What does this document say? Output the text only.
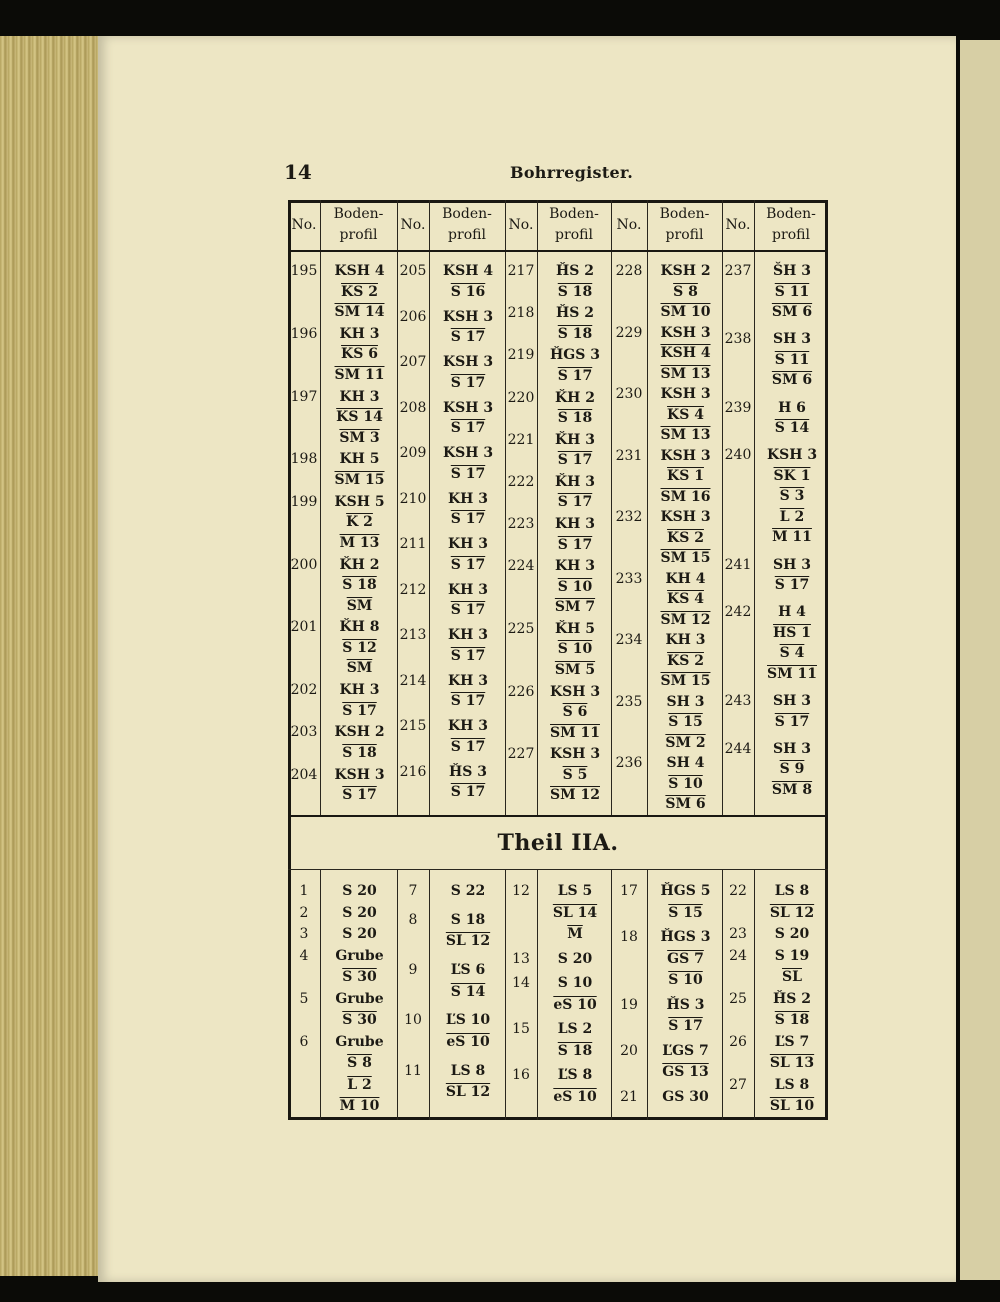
14	Bohrregister.
No.
Boden-
profil
No.
Boden-
profil
No.
Boden-
profil
No.
Boden-
profil
No.
Boden-
profil
Theil IIA.
195	KSH 4
KS 2
SM 14
196	KH 3
KS 6
SM 11
197	KH 3
KS 14
SM 3
198	KH 5
SM 15
199	KSH 5
K 2
M 13
200	ǨH 2
S 18
$\overline{SM}$
201	ǨH 8
S 12
$\overline{SM}$
202	KH 3
S 17
203	KSH 2
S 18
204	KSH 3
S 17
205	KSH 4
S 16
206	KSH 3
S 17
207	KSH 3
S 17
208	KSH 3
S 17
209	KSH 3
S 17
210	KH 3
S 17
211	KH 3
S 17
212	KH 3
S 17
213	KH 3
S 17
214	KH 3
S 17
215	KH 3
S 17
216	ȞS 3
S 17
217	ȞS 2
S 18
218	ȞS 2
S 18
219	ȞGS 3
S 17
220	ǨH 2
S 18
221	ǨH 3
S 17
222	ǨH 3
S 17
223	KH 3
S 17
224	KH 3
S 10
SM 7
225	ǨH 5
S 10
SM 5
226	KSH 3
S 6
SM 11
227	KSH 3
S 5
SM 12
228	KSH 2
S 8
SM 10
229	KSH 3
KSH 4
SM 13
230	KSH 3
KS 4
SM 13
231	KSH 3
KS 1
SM 16
232	KSH 3
KS 2
SM 15
233	KH 4
KS 4
SM 12
234	KH 3
KS 2
SM 15
235	SH 3
S 15
SM 2
236	SH 4
S 10
SM 6
237	ŠH 3
S 11
SM 6
238	SH 3
S 11
SM 6
239	H 6
S 14
240	KSH 3
SK 1
S 3
L 2
M 11
241	SH 3
S 17
242	H 4
HS 1
S 4
SM 11
243	SH 3
S 17
244	SH 3
S 9
SM 8
1	S 20
2	S 20
3	S 20
4	Grube
S 30
5	Grube
S 30
6	Grube
S 8
L 2
M 10
7	S 22
8	S 18
SL 12
9	ĽS 6
S 14
10	ĽS 10
eS 10
11	LS 8
SL 12
12	LS 5
SL 14
$\overline{M}$
13	S 20
14	S 10
eS 10
15	LS 2
S 18
16	ĽS 8
eS 10
17	ȞGS 5
S 15
18	ȞGS 3
GS 7
S 10
19	ȞS 3
S 17
20	ĽGS 7
GS 13
21	GS 30
22	LS 8
SL 12
23	S 20
24	S 19
$\overline{SL}$
25	ȞS 2
S 18
26	ĽS 7
SL 13
27	LS 8
SL 10
